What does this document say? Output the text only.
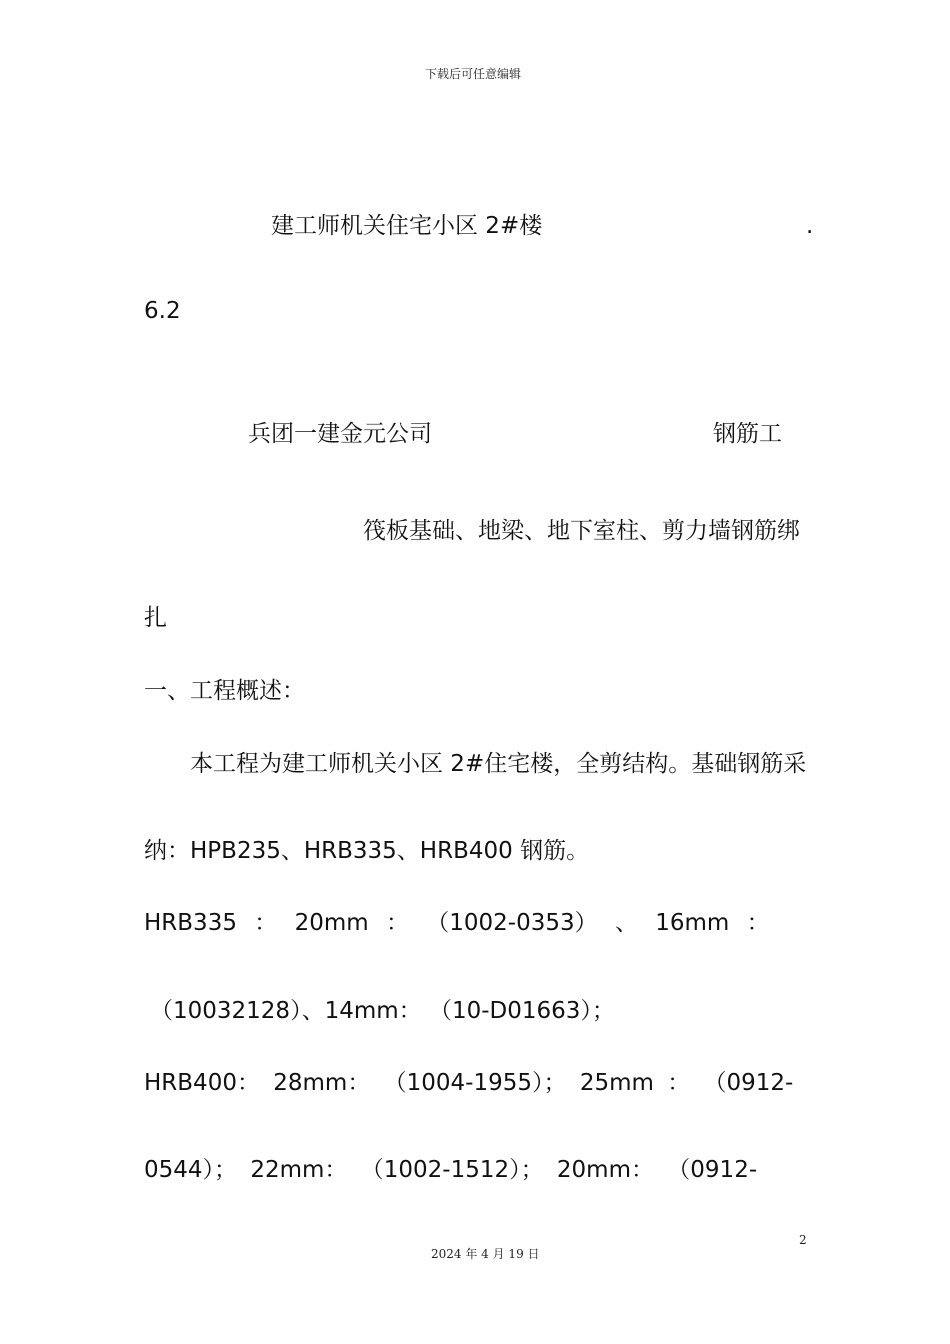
下载后可任意编辑
建工师机关住宅小区 2#楼	.
6.2
兵团一建金元公司	钢筋工
筏板基础、地梁、地下室柱、剪力墙钢筋绑
扎
一、工程概述：
本工程为建工师机关小区 2#住宅楼，全剪结构。基础钢筋采
纳：HPB235、HRB335、HRB400 钢筋。
HRB335 ： 20mm ： （1002-0353） 、 16mm ：
（10032128）、14mm： （10-D01663）；
HRB400： 28mm： （1004-1955）； 25mm ： （0912-
0544）； 22mm： （1002-1512）； 20mm： （0912-
2
2024 年 4 月 19 日
